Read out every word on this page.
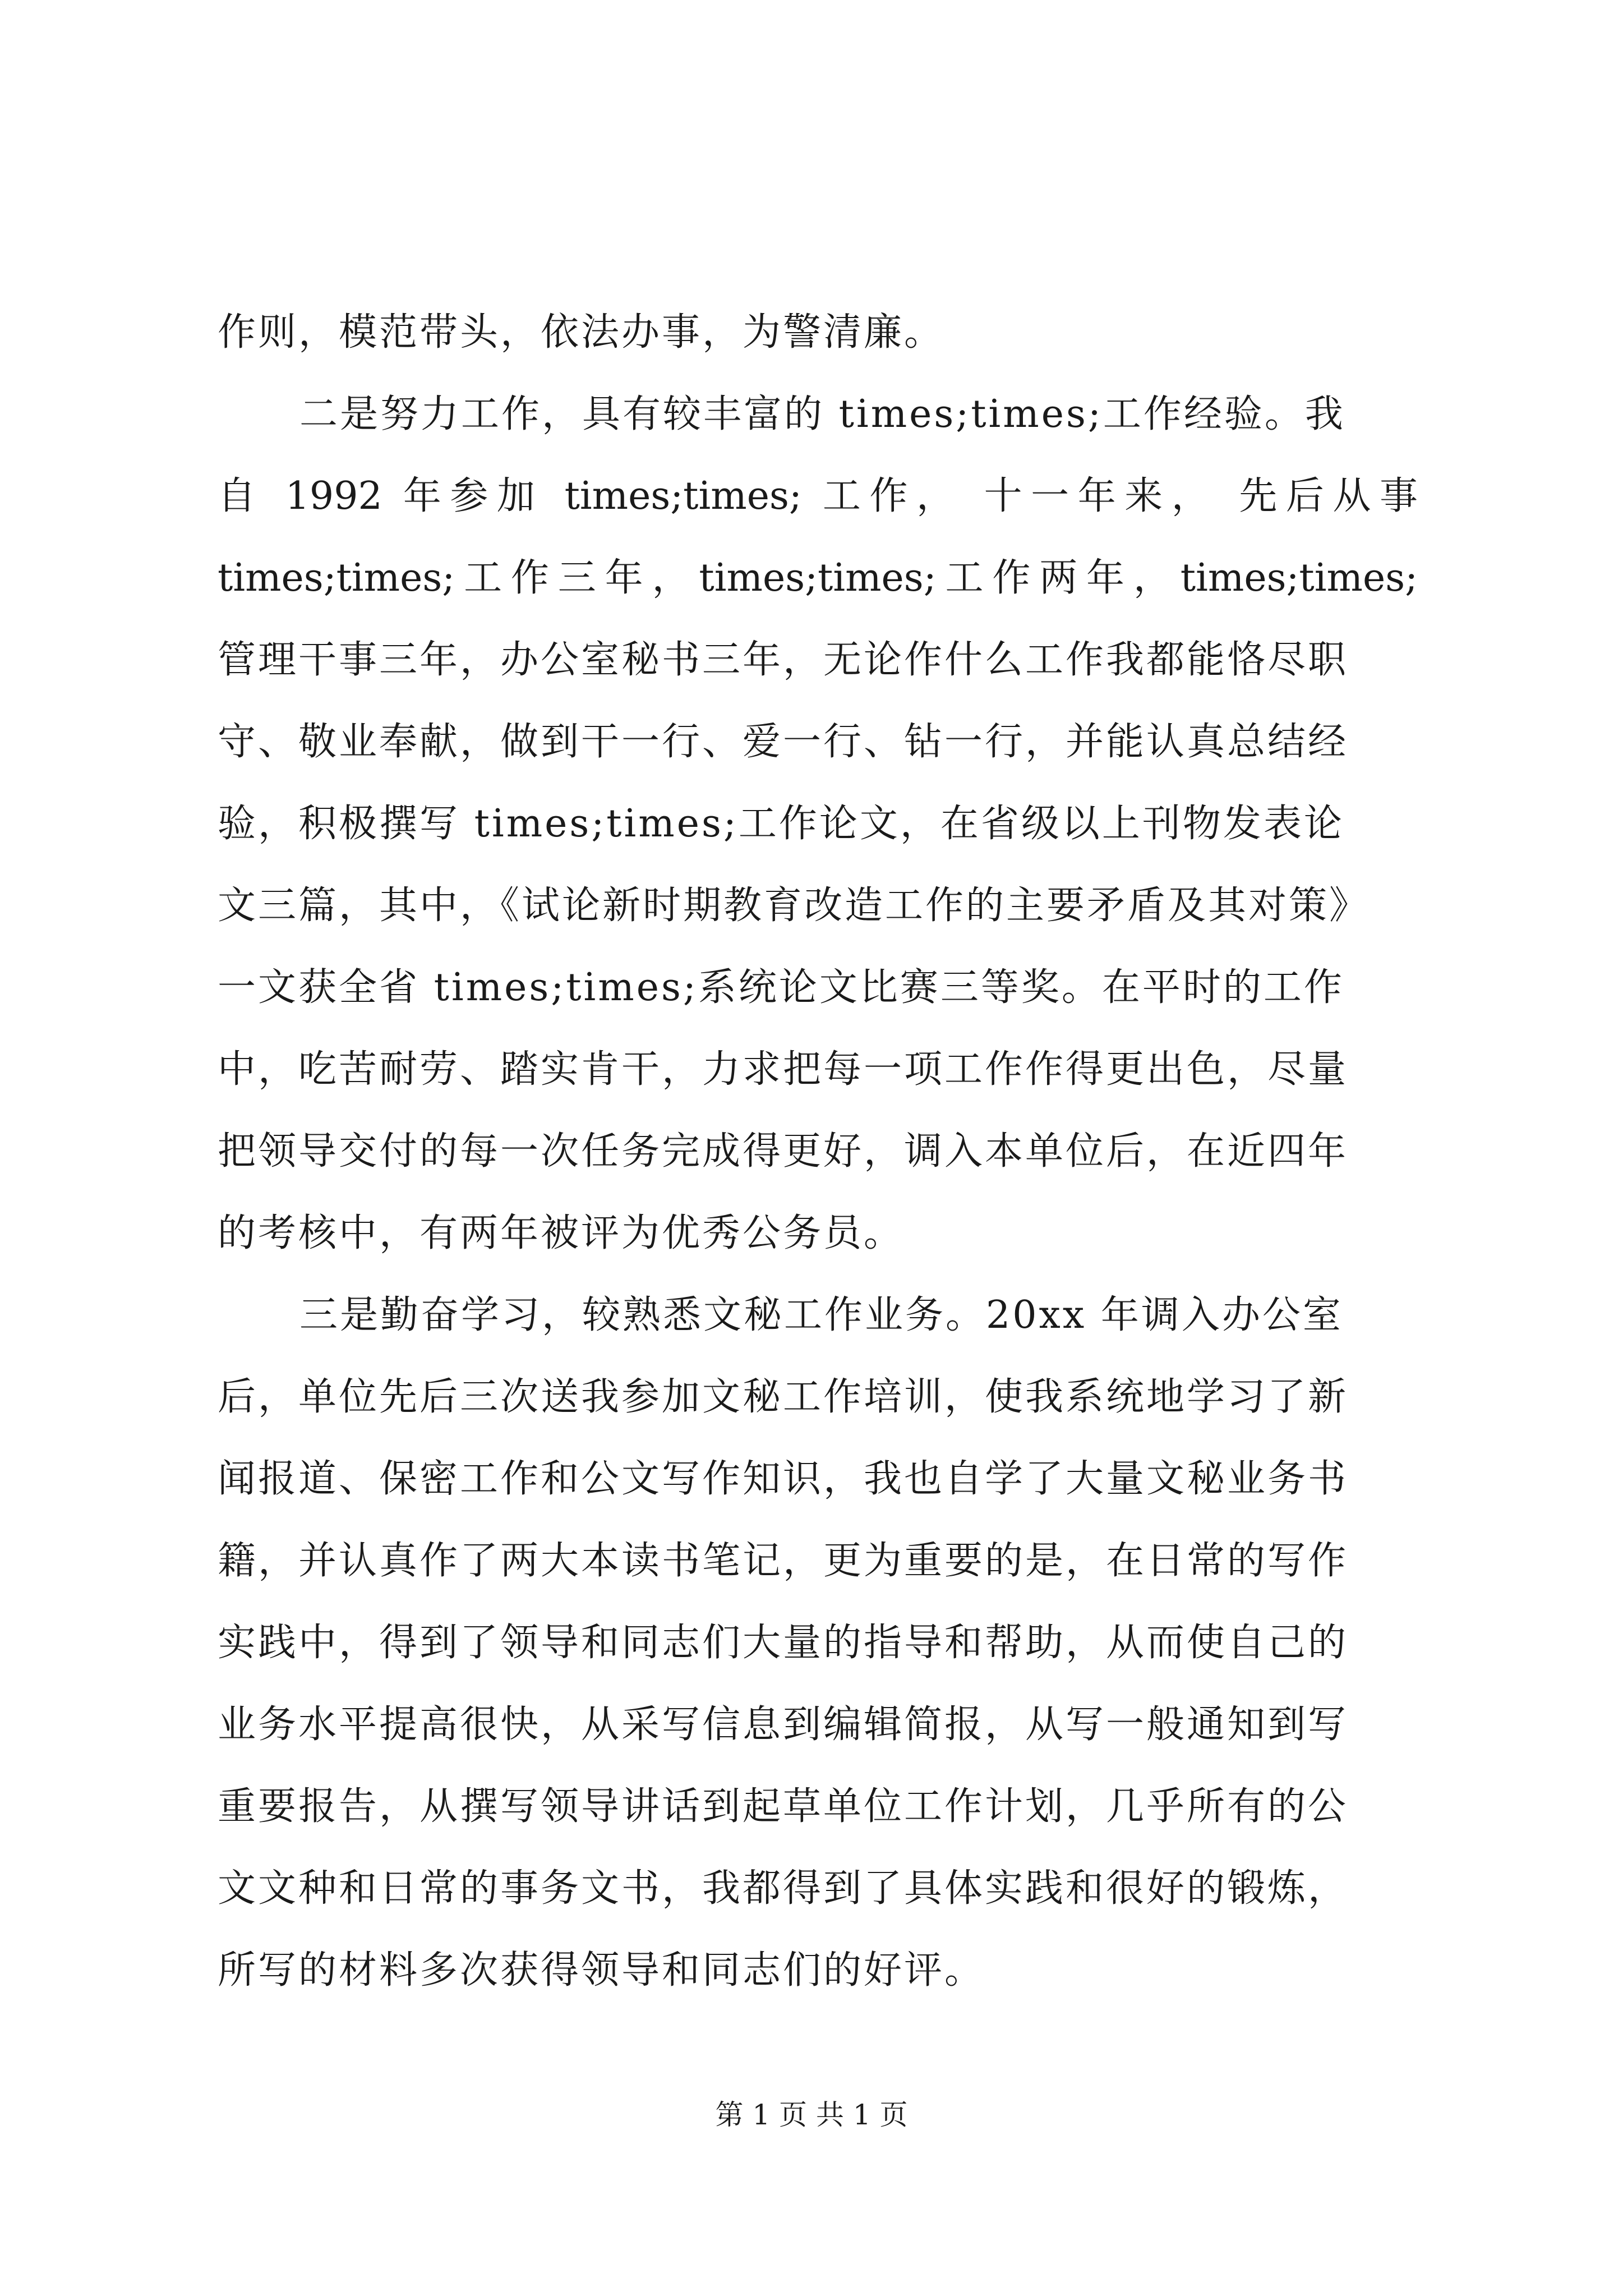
作则，模范带头，依法办事，为警清廉。
二是努力工作，具有较丰富的 times;times;工作经验。我
自 1992 年参加 times;times; 工作， 十一年来， 先后从事
times;times;工作三年，times;times;工作两年，times;times;
管理干事三年，办公室秘书三年，无论作什么工作我都能恪尽职
守、敬业奉献，做到干一行、爱一行、钻一行，并能认真总结经
验，积极撰写 times;times;工作论文，在省级以上刊物发表论
文三篇，其中，《试论新时期教育改造工作的主要矛盾及其对策》
一文获全省 times;times;系统论文比赛三等奖。在平时的工作
中，吃苦耐劳、踏实肯干，力求把每一项工作作得更出色，尽量
把领导交付的每一次任务完成得更好，调入本单位后，在近四年
的考核中，有两年被评为优秀公务员。
三是勤奋学习，较熟悉文秘工作业务。20xx 年调入办公室
后，单位先后三次送我参加文秘工作培训，使我系统地学习了新
闻报道、保密工作和公文写作知识，我也自学了大量文秘业务书
籍，并认真作了两大本读书笔记，更为重要的是，在日常的写作
实践中，得到了领导和同志们大量的指导和帮助，从而使自己的
业务水平提高很快，从采写信息到编辑简报，从写一般通知到写
重要报告，从撰写领导讲话到起草单位工作计划，几乎所有的公
文文种和日常的事务文书，我都得到了具体实践和很好的锻炼，
所写的材料多次获得领导和同志们的好评。
第 1 页 共 1 页
